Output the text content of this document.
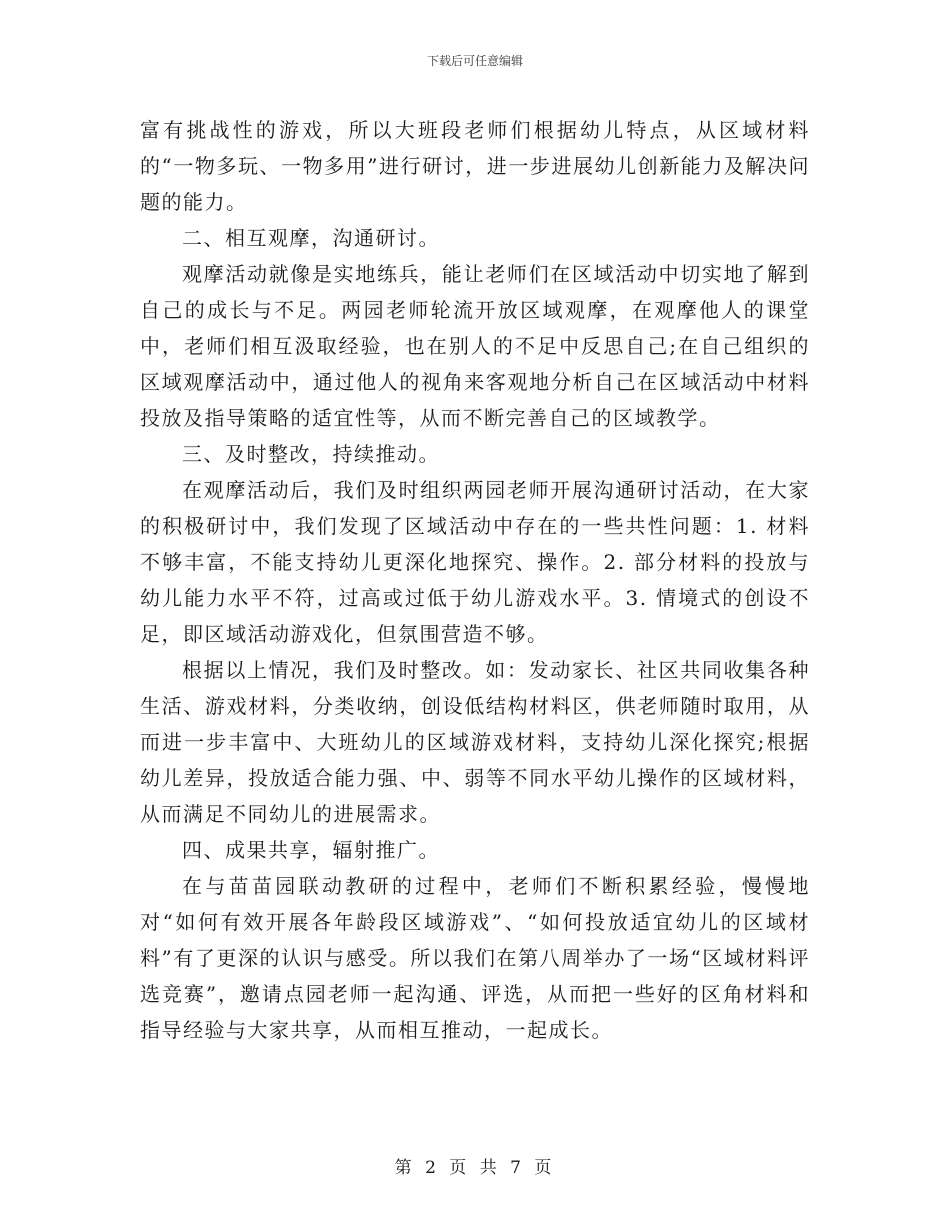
下载后可任意编辑

富有挑战性的游戏，所以大班段老师们根据幼儿特点，从区域材料的“一物多玩、一物多用”进行研讨，进一步进展幼儿创新能力及解决问题的能力。

二、相互观摩，沟通研讨。

观摩活动就像是实地练兵，能让老师们在区域活动中切实地了解到自己的成长与不足。两园老师轮流开放区域观摩，在观摩他人的课堂中，老师们相互汲取经验，也在别人的不足中反思自己;在自己组织的区域观摩活动中，通过他人的视角来客观地分析自己在区域活动中材料投放及指导策略的适宜性等，从而不断完善自己的区域教学。

三、及时整改，持续推动。

在观摩活动后，我们及时组织两园老师开展沟通研讨活动，在大家的积极研讨中，我们发现了区域活动中存在的一些共性问题：1. 材料不够丰富，不能支持幼儿更深化地探究、操作。2. 部分材料的投放与幼儿能力水平不符，过高或过低于幼儿游戏水平。3. 情境式的创设不足，即区域活动游戏化，但氛围营造不够。

根据以上情况，我们及时整改。如：发动家长、社区共同收集各种生活、游戏材料，分类收纳，创设低结构材料区，供老师随时取用，从而进一步丰富中、大班幼儿的区域游戏材料，支持幼儿深化探究;根据幼儿差异，投放适合能力强、中、弱等不同水平幼儿操作的区域材料，从而满足不同幼儿的进展需求。

四、成果共享，辐射推广。

在与苗苗园联动教研的过程中，老师们不断积累经验，慢慢地对“如何有效开展各年龄段区域游戏”、“如何投放适宜幼儿的区域材料”有了更深的认识与感受。所以我们在第八周举办了一场“区域材料评选竞赛”，邀请点园老师一起沟通、评选，从而把一些好的区角材料和指导经验与大家共享，从而相互推动，一起成长。

第 2 页 共 7 页
